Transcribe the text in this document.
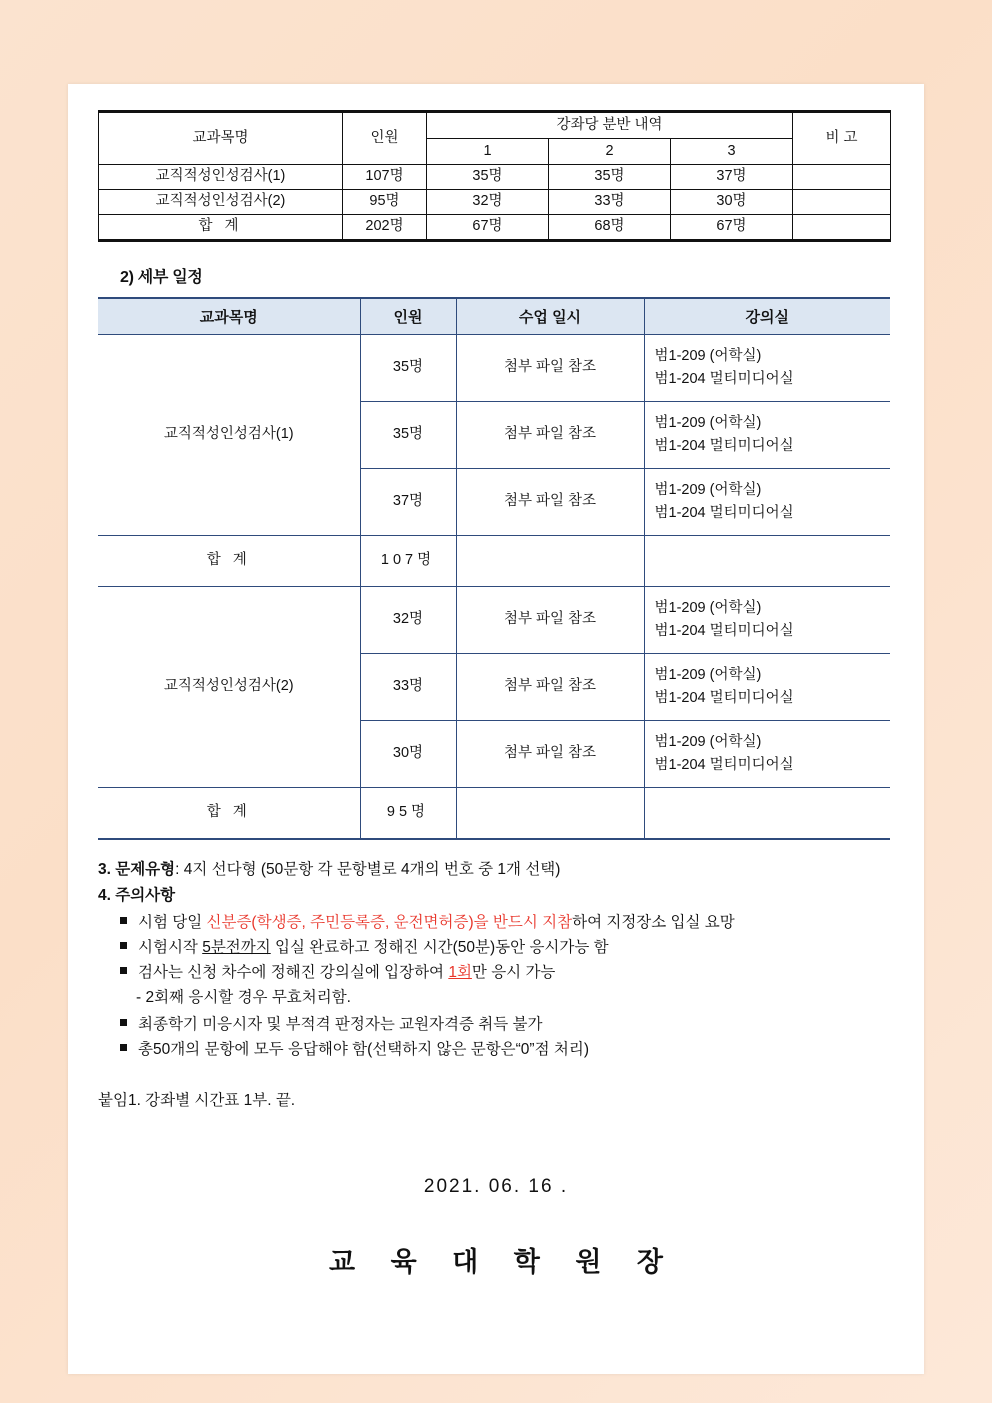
교과목명	인원	강좌당 분반 내역			비 고
		1	2	3	
교직적성인성검사(1)	107명	35명	35명	37명	
교직적성인성검사(2)	95명	32명	33명	30명	
합 계	202명	67명	68명	67명	
2) 세부 일정
교과목명	인원	수업 일시	강의실
교직적성인성검사(1)	35명	첨부 파일 참조	범1-209 (어학실)
범1-204 멀티미디어실

	35명	첨부 파일 참조	범1-209 (어학실)
범1-204 멀티미디어실

	37명	첨부 파일 참조	범1-209 (어학실)
범1-204 멀티미디어실

합 계	107명		
교직적성인성검사(2)	32명	첨부 파일 참조	범1-209 (어학실)
범1-204 멀티미디어실

	33명	첨부 파일 참조	범1-209 (어학실)
범1-204 멀티미디어실

	30명	첨부 파일 참조	범1-209 (어학실)
범1-204 멀티미디어실

합 계	95명		
3. 문제유형: 4지 선다형 (50문항 각 문항별로 4개의 번호 중 1개 선택)
4. 주의사항
시험 당일 신분증(학생증, 주민등록증, 운전면허증)을 반드시 지참하여 지정장소 입실 요망
시험시작 5분전까지 입실 완료하고 정해진 시간(50분)동안 응시가능 함
검사는 신청 차수에 정해진 강의실에 입장하여 1회만 응시 가능
- 2회째 응시할 경우 무효처리함.
최종학기 미응시자 및 부적격 판정자는 교원자격증 취득 불가
총50개의 문항에 모두 응답해야 함(선택하지 않은 문항은“0”점 처리)
붙임1. 강좌별 시간표 1부. 끝.
2021. 06. 16 .
교 육 대 학 원 장
